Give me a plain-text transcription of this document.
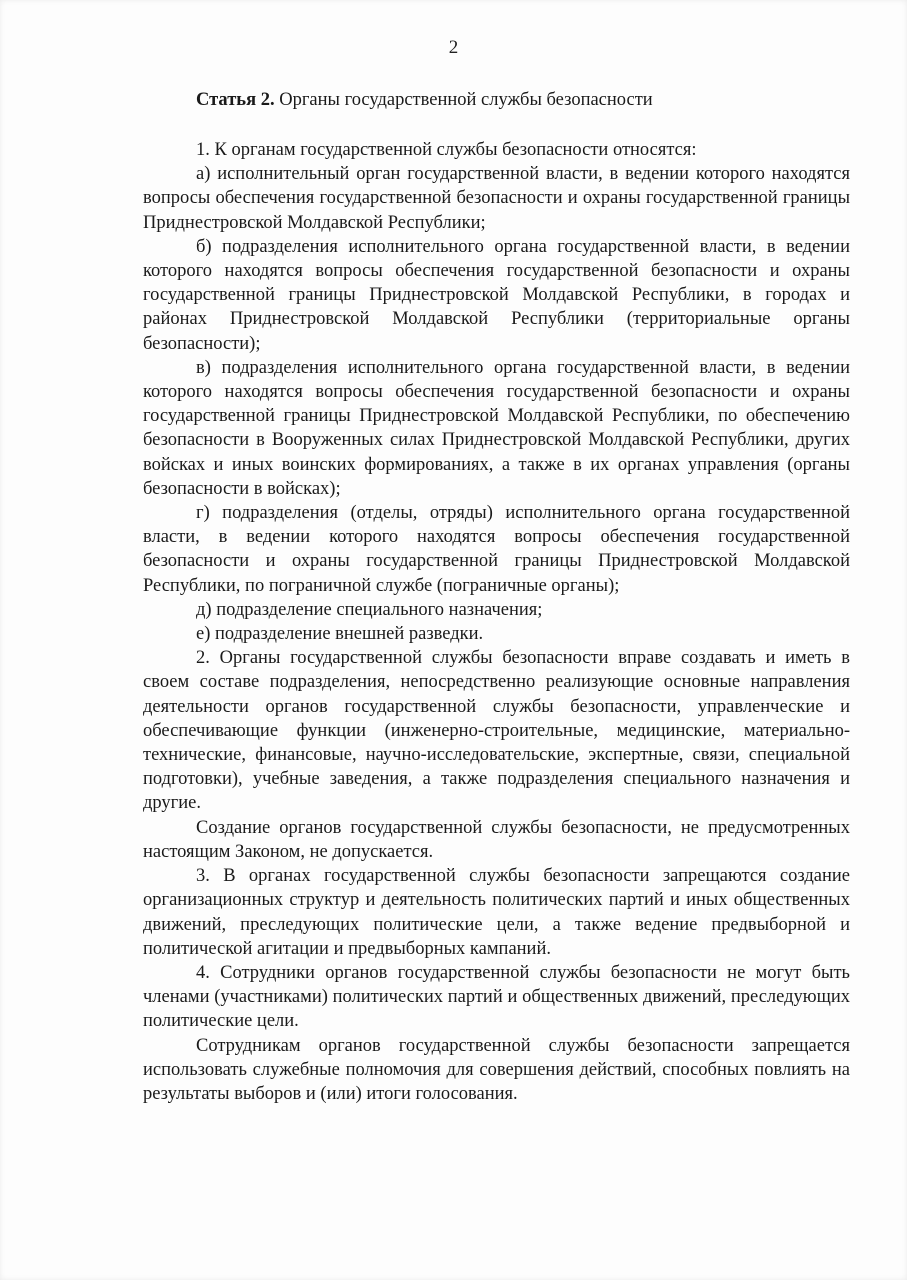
2

Статья 2. Органы государственной службы безопасности

1. К органам государственной службы безопасности относятся:

а) исполнительный орган государственной власти, в ведении которого находятся вопросы обеспечения государственной безопасности и охраны государственной границы Приднестровской Молдавской Республики;

б) подразделения исполнительного органа государственной власти, в ведении которого находятся вопросы обеспечения государственной безопасности и охраны государственной границы Приднестровской Молдавской Республики, в городах и районах Приднестровской Молдавской Республики (территориальные органы безопасности);

в) подразделения исполнительного органа государственной власти, в ведении которого находятся вопросы обеспечения государственной безопасности и охраны государственной границы Приднестровской Молдавской Республики, по обеспечению безопасности в Вооруженных силах Приднестровской Молдавской Республики, других войсках и иных воинских формированиях, а также в их органах управления (органы безопасности в войсках);

г) подразделения (отделы, отряды) исполнительного органа государственной власти, в ведении которого находятся вопросы обеспечения государственной безопасности и охраны государственной границы Приднестровской Молдавской Республики, по пограничной службе (пограничные органы);

д) подразделение специального назначения;

е) подразделение внешней разведки.

2. Органы государственной службы безопасности вправе создавать и иметь в своем составе подразделения, непосредственно реализующие основные направления деятельности органов государственной службы безопасности, управленческие и обеспечивающие функции (инженерно-строительные, медицинские, материально-технические, финансовые, научно-исследовательские, экспертные, связи, специальной подготовки), учебные заведения, а также подразделения специального назначения и другие.

Создание органов государственной службы безопасности, не предусмотренных настоящим Законом, не допускается.

3. В органах государственной службы безопасности запрещаются создание организационных структур и деятельность политических партий и иных общественных движений, преследующих политические цели, а также ведение предвыборной и политической агитации и предвыборных кампаний.

4. Сотрудники органов государственной службы безопасности не могут быть членами (участниками) политических партий и общественных движений, преследующих политические цели.

Сотрудникам органов государственной службы безопасности запрещается использовать служебные полномочия для совершения действий, способных повлиять на результаты выборов и (или) итоги голосования.
